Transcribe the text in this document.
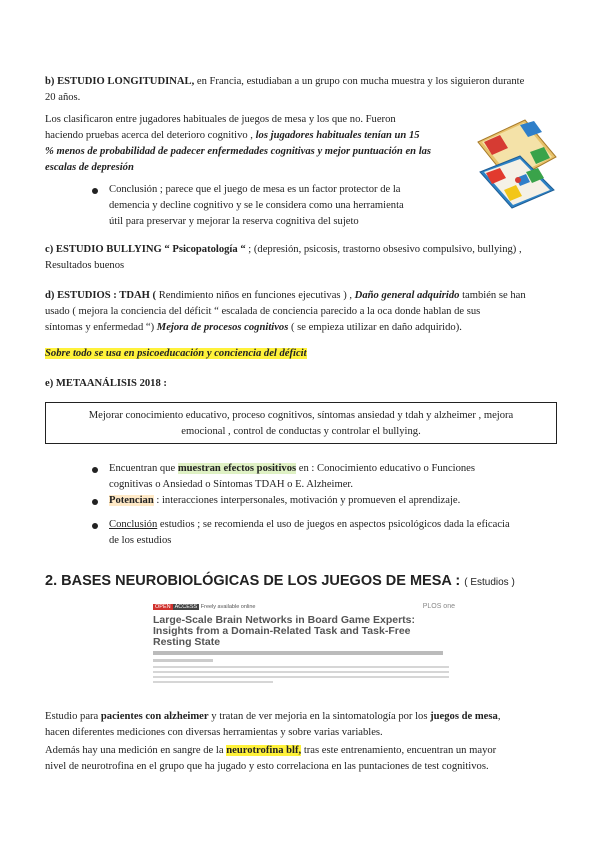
b) ESTUDIO LONGITUDINAL, en Francia, estudiaban a un grupo con mucha muestra y los siguieron durante
20 años.
Los clasificaron entre jugadores habituales de juegos de mesa y los que no. Fueron
haciendo pruebas acerca del deterioro cognitivo , los jugadores habituales tenían un 15
% menos de probabilidad de padecer enfermedades cognitivas y mejor puntuación en las
escalas de depresión
Conclusión ; parece que el juego de mesa es un factor protector de la
demencia y decline cognitivo y se le considera como una herramienta
útil para preservar y mejorar la reserva cognitiva del sujeto
c) ESTUDIO BULLYING “ Psicopatología “ ; (depresión, psicosis, trastorno obsesivo compulsivo, bullying) ,
Resultados buenos
d) ESTUDIOS : TDAH ( Rendimiento niños en funciones ejecutivas ) , Daño general adquirido también se han
usado ( mejora la conciencia del déficit “ escalada de conciencia parecido a la oca donde hablan de sus
síntomas y enfermedad “) Mejora de procesos cognitivos ( se empieza utilizar en daño adquirido).
Sobre todo se usa en psicoeducación y conciencia del déficit
e) METAANÁLISIS 2018 :
Mejorar conocimiento educativo, proceso cognitivos, síntomas ansiedad y tdah y alzheimer , mejora
emocional , control de conductas y controlar el bullying.
Encuentran que muestran efectos positivos en : Conocimiento educativo o Funciones
cognitivas o Ansiedad o Síntomas TDAH o E. Alzheimer.
Potencian : interacciones interpersonales, motivación y promueven el aprendizaje.
Conclusión estudios ; se recomienda el uso de juegos en aspectos psicológicos dada la eficacia
de los estudios
2. BASES NEUROBIOLÓGICAS DE LOS JUEGOS DE MESA : ( Estudios )
OPEN ACCESS Freely available online	PLOS one
Large-Scale Brain Networks in Board Game Experts:
Insights from a Domain-Related Task and Task-Free
Resting State
Estudio para pacientes con alzheimer y tratan de ver mejoria en la sintomatología por los juegos de mesa,
hacen diferentes mediciones con diversas herramientas y sobre varias variables.
Además hay una medición en sangre de la neurotrofina blf, tras este entrenamiento, encuentran un mayor
nivel de neurotrofina en el grupo que ha jugado y esto correlaciona en las puntaciones de test cognitivos.
